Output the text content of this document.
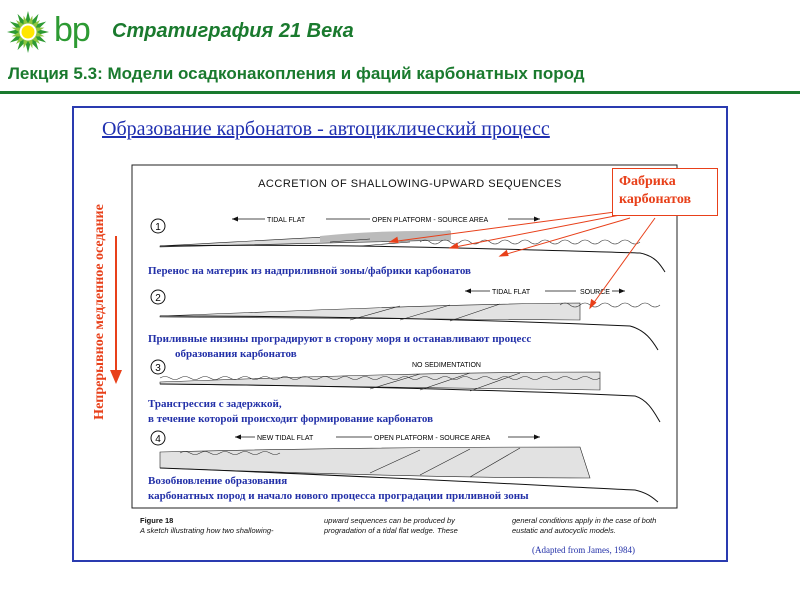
bp Стратиграфия 21 Века
Лекция 5.3: Модели осадконакопления и фаций карбонатных пород
Образование карбонатов - автоциклический процесс
Непрерывное медленное оседание
ACCRETION OF SHALLOWING-UPWARD SEQUENCES
1
TIDAL FLAT	OPEN PLATFORM - SOURCE AREA
Перенос на материк из надприливной зоны/фабрики карбонатов
2
TIDAL FLAT	SOURCE
Приливные низины проградируют в сторону моря и останавливают процесс
образования карбонатов
3	NO SEDIMENTATION
Трансгрессия с задержкой,
в течение которой происходит формирование карбонатов
4	NEW TIDAL FLAT	OPEN PLATFORM - SOURCE AREA
Возобновление образования
карбонатных пород и начало нового процесса проградации приливной зоны
Фабрика
карбонатов
Figure 18
A sketch illustrating how two shallowing-
upward sequences can be produced by
progradation of a tidal flat wedge. These
general conditions apply in the case of both
eustatic and autocyclic models.
(Adapted from James, 1984)
